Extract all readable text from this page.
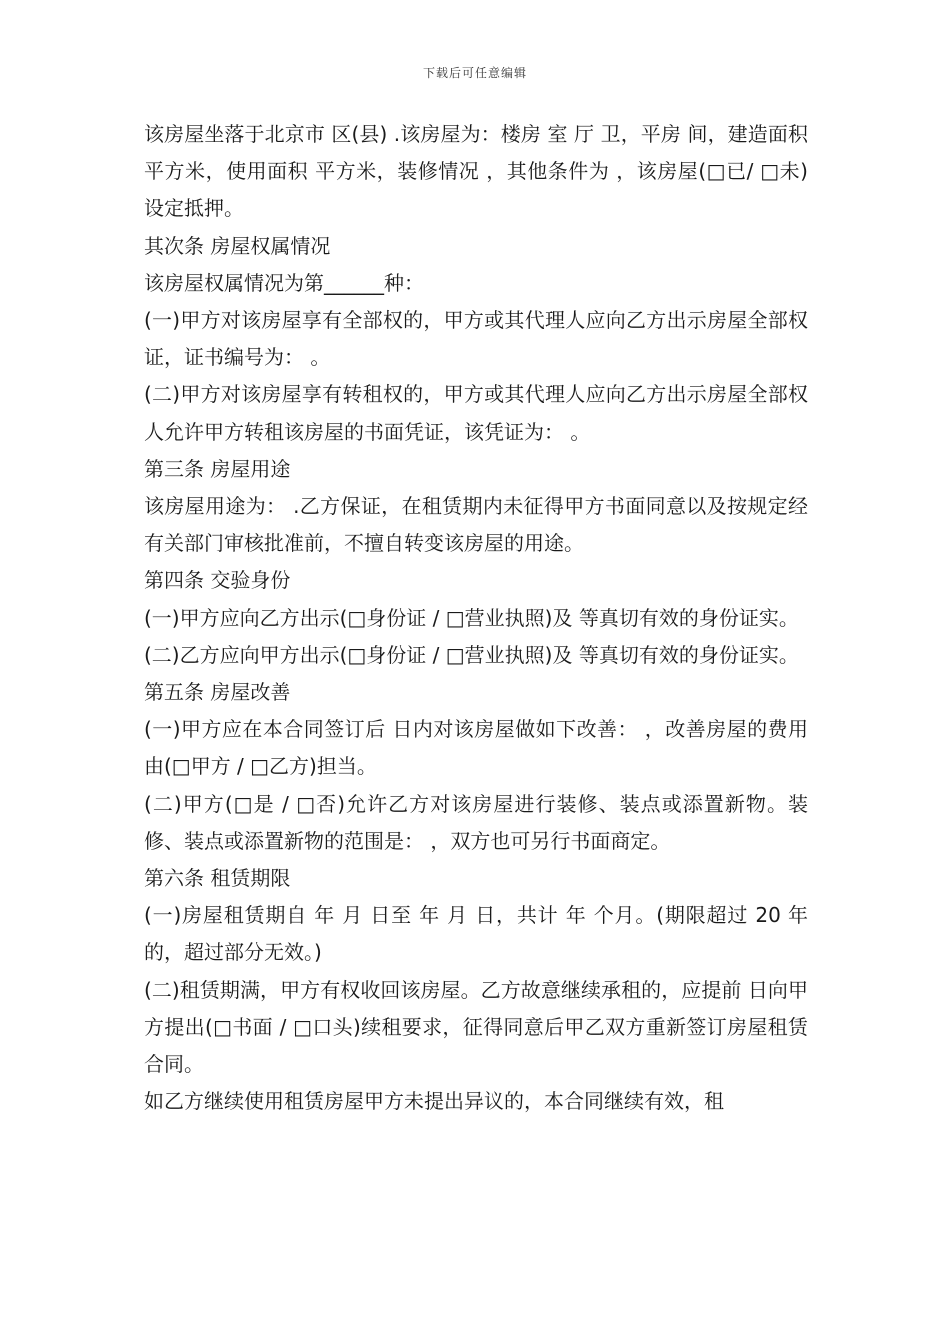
下载后可任意编辑

该房屋坐落于北京市 区(县) .该房屋为：楼房 室 厅 卫，平房 间，建造面积 平方米，使用面积 平方米，装修情况 ，其他条件为 ，该房屋(□已/ □未)设定抵押。

其次条 房屋权属情况

该房屋权属情况为第______种：

(一)甲方对该房屋享有全部权的，甲方或其代理人应向乙方出示房屋全部权证，证书编号为： 。

(二)甲方对该房屋享有转租权的，甲方或其代理人应向乙方出示房屋全部权人允许甲方转租该房屋的书面凭证，该凭证为： 。

第三条 房屋用途

该房屋用途为： .乙方保证，在租赁期内未征得甲方书面同意以及按规定经有关部门审核批准前，不擅自转变该房屋的用途。

第四条 交验身份

(一)甲方应向乙方出示(□身份证 / □营业执照)及 等真切有效的身份证实。

(二)乙方应向甲方出示(□身份证 / □营业执照)及 等真切有效的身份证实。

第五条 房屋改善

(一)甲方应在本合同签订后 日内对该房屋做如下改善： ，改善房屋的费用由(□甲方 / □乙方)担当。

(二)甲方(□是 / □否)允许乙方对该房屋进行装修、装点或添置新物。装修、装点或添置新物的范围是： ，双方也可另行书面商定。

第六条 租赁期限

(一)房屋租赁期自 年 月 日至 年 月 日，共计 年 个月。(期限超过 20 年的，超过部分无效。)

(二)租赁期满，甲方有权收回该房屋。乙方故意继续承租的，应提前 日向甲方提出(□书面 / □口头)续租要求，征得同意后甲乙双方重新签订房屋租赁合同。

如乙方继续使用租赁房屋甲方未提出异议的，本合同继续有效，租
